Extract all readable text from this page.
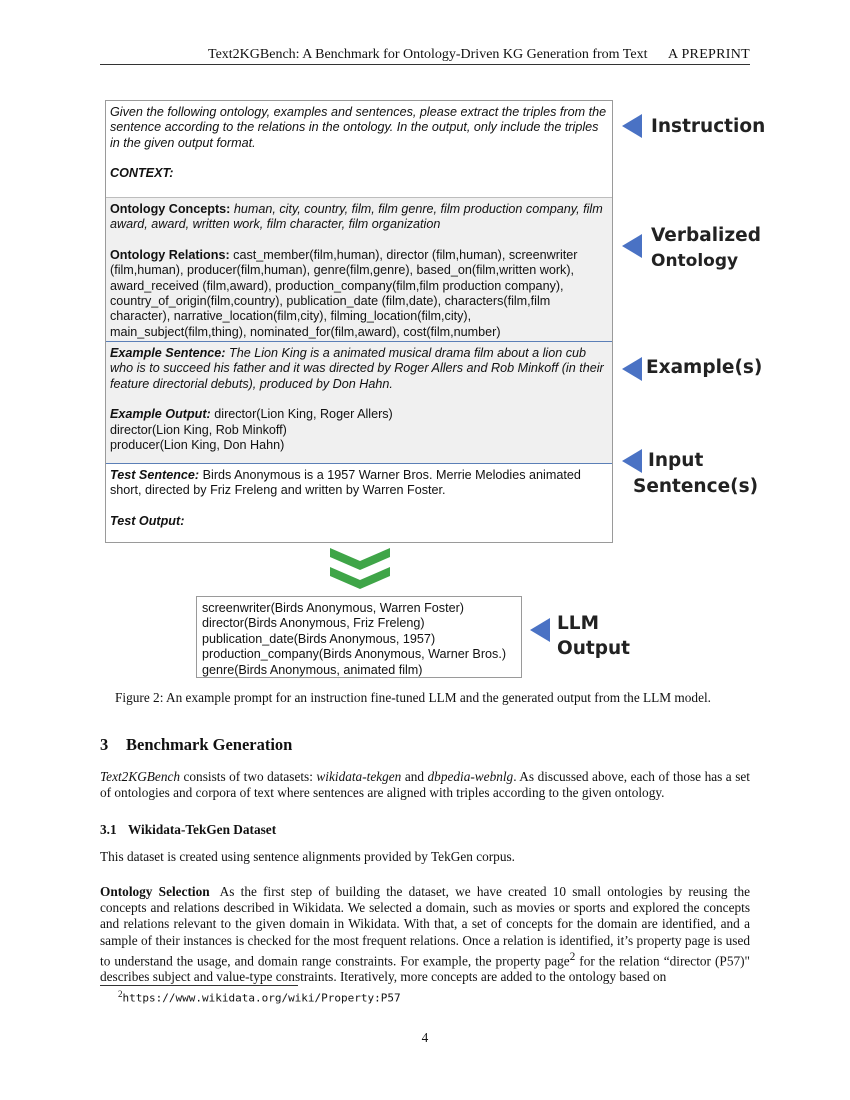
Text2KGBench: A Benchmark for Ontology-Driven KG Generation from Text A PREPRINT

Given the following ontology, examples and sentences, please extract the triples from the sentence according to the relations in the ontology. In the output, only include the triples in the given output format.

CONTEXT:

Ontology Concepts: human, city, country, film, film genre, film production company, film award, award, written work, film character, film organization

Ontology Relations: cast_member(film,human), director (film,human), screenwriter (film,human), producer(film,human), genre(film,genre), based_on(film,written work), award_received (film,award), production_company(film,film production company), country_of_origin(film,country), publication_date (film,date), characters(film,film character), narrative_location(film,city), filming_location(film,city), main_subject(film,thing), nominated_for(film,award), cost(film,number)

Example Sentence: The Lion King is a animated musical drama film about a lion cub who is to succeed his father and it was directed by Roger Allers and Rob Minkoff (in their feature directorial debuts), produced by Don Hahn.

Example Output: director(Lion King, Roger Allers)

director(Lion King, Rob Minkoff)

producer(Lion King, Don Hahn)

Test Sentence: Birds Anonymous is a 1957 Warner Bros. Merrie Melodies animated short, directed by Friz Freleng and written by Warren Foster.

Test Output:

Instruction
Verbalized
Ontology
Example(s)
Input
Sentence(s)

screenwriter(Birds Anonymous, Warren Foster)

director(Birds Anonymous, Friz Freleng)

publication_date(Birds Anonymous, 1957)

production_company(Birds Anonymous, Warner Bros.)

genre(Birds Anonymous, animated film)

LLM
Output
Figure 2: An example prompt for an instruction fine-tuned LLM and the generated output from the LLM model.
3 Benchmark Generation
Text2KGBench consists of two datasets: wikidata-tekgen and dbpedia-webnlg. As discussed above, each of those has a set of ontologies and corpora of text where sentences are aligned with triples according to the given ontology.
3.1 Wikidata-TekGen Dataset
This dataset is created using sentence alignments provided by TekGen corpus.
Ontology Selection As the first step of building the dataset, we have created 10 small ontologies by reusing the concepts and relations described in Wikidata. We selected a domain, such as movies or sports and explored the concepts and relations relevant to the given domain in Wikidata. With that, a set of concepts for the domain are identified, and a sample of their instances is checked for the most frequent relations. Once a relation is identified, it’s property page is used to understand the usage, and domain range constraints. For example, the property page$^2$ for the relation “director (P57)" describes subject and value-type constraints. Iteratively, more concepts are added to the ontology based on
$^2$https://www.wikidata.org/wiki/Property:P57
4
